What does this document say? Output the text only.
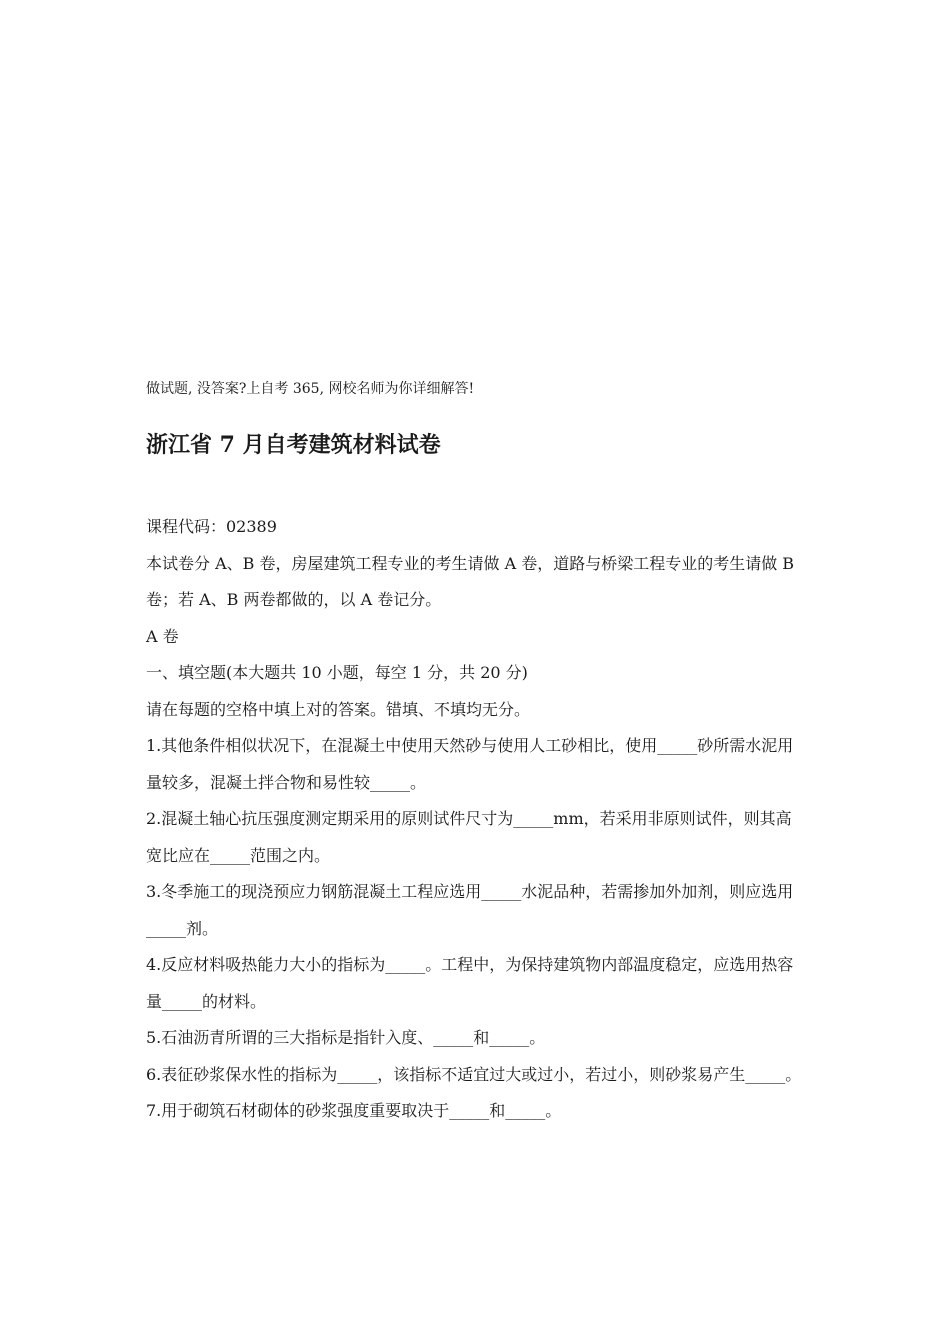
做试题, 没答案?上自考 365, 网校名师为你详细解答!
浙江省 7 月自考建筑材料试卷

课程代码：02389

本试卷分 A、B 卷，房屋建筑工程专业的考生请做 A 卷，道路与桥梁工程专业的考生请做 B 卷；若 A、B 两卷都做的，以 A 卷记分。

A 卷

一、填空题(本大题共 10 小题，每空 1 分，共 20 分)

请在每题的空格中填上对的答案。错填、不填均无分。

1.其他条件相似状况下，在混凝土中使用天然砂与使用人工砂相比，使用_____砂所需水泥用量较多，混凝土拌合物和易性较_____。

2.混凝土轴心抗压强度测定期采用的原则试件尺寸为_____mm，若采用非原则试件，则其高宽比应在_____范围之内。

3.冬季施工的现浇预应力钢筋混凝土工程应选用_____水泥品种，若需掺加外加剂，则应选用_____剂。

4.反应材料吸热能力大小的指标为_____。工程中，为保持建筑物内部温度稳定，应选用热容量_____的材料。

5.石油沥青所谓的三大指标是指针入度、_____和_____。

6.表征砂浆保水性的指标为_____，该指标不适宜过大或过小，若过小，则砂浆易产生_____。

7.用于砌筑石材砌体的砂浆强度重要取决于_____和_____。
